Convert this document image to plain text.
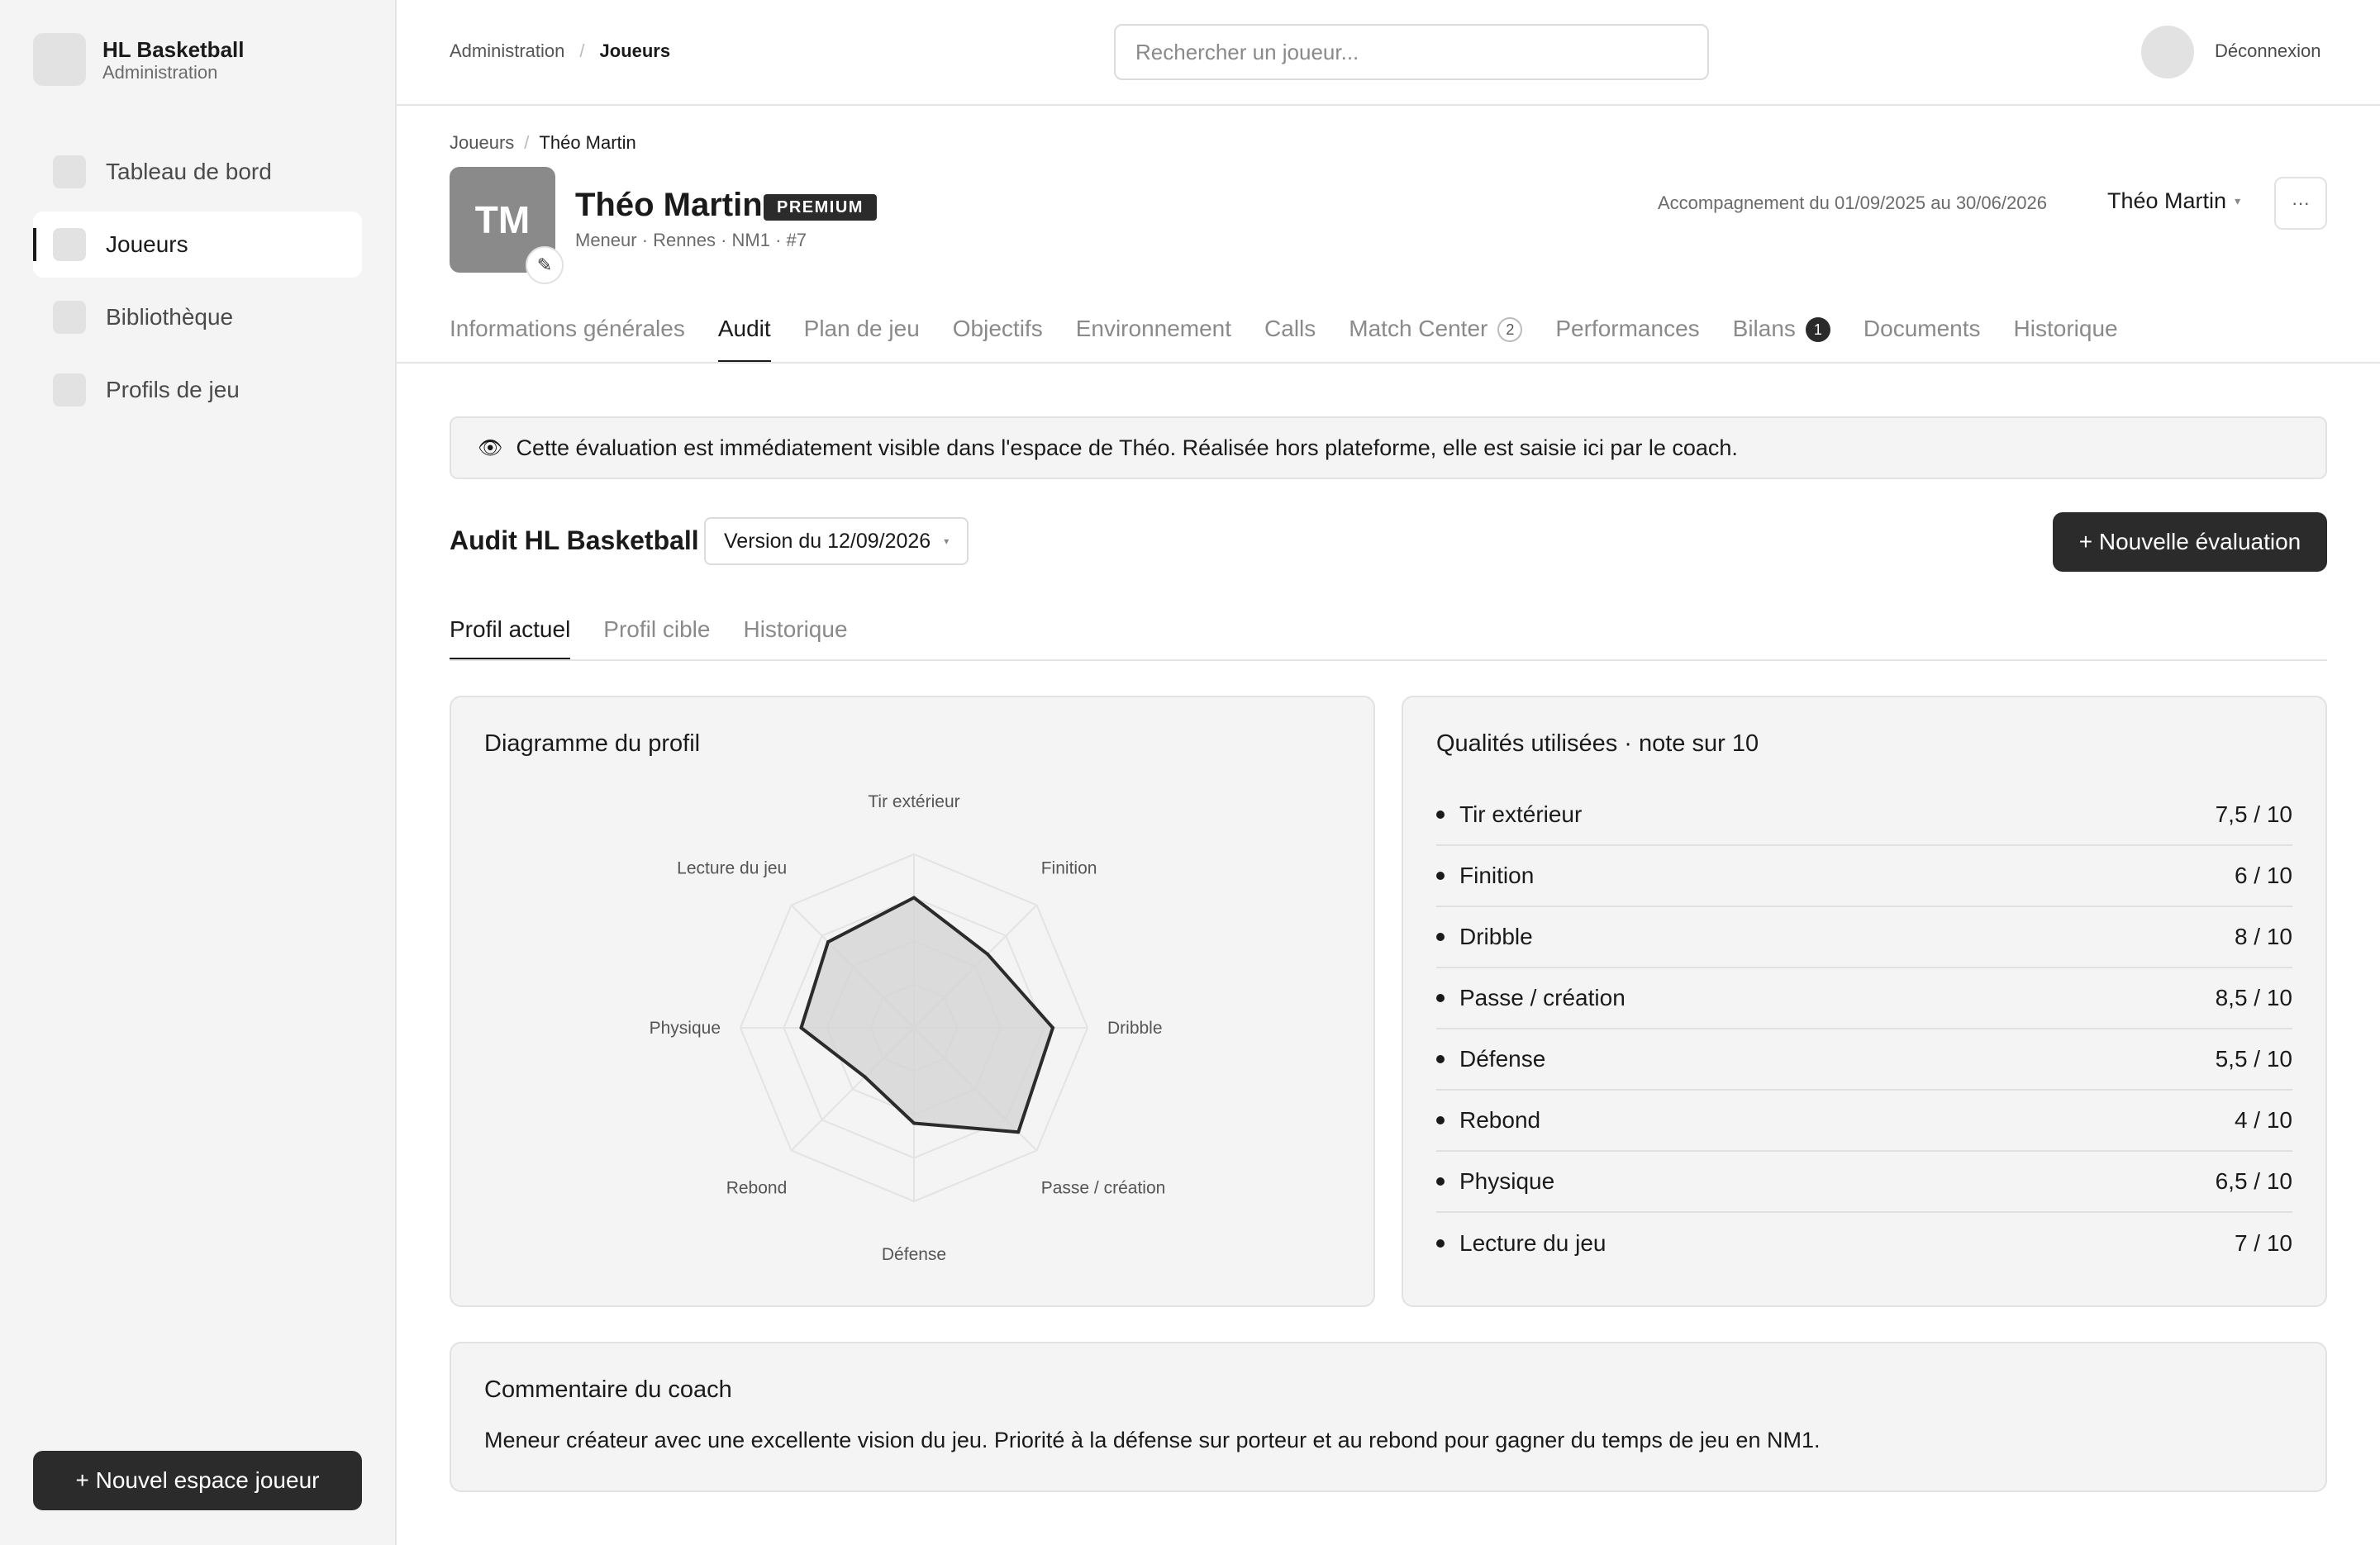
HL Basketball
Administration
Tableau de bord
Joueurs
Bibliothèque
Profils de jeu
+ Nouvel espace joueur
Administration / Joueurs
Rechercher un joueur...	Déconnexion
Joueurs / Théo Martin
TM
✎
Théo Martin PREMIUM
Meneur · Rennes · NM1 · #7
Accompagnement du 01/09/2025 au 30/06/2026	Théo Martin ▾	···
Informations générales Audit Plan de jeu Objectifs Environnement Calls Match Center	2	Performances Bilans	1	Documents Historique
👁 Cette évaluation est immédiatement visible dans l'espace de Théo. Réalisée hors plateforme, elle est saisie ici par le coach.
Audit HL Basketball Version du 12/09/2026 ▾	+ Nouvelle évaluation
Profil actuel Profil cible Historique
Diagramme du profil
Tir extérieur
Finition
Dribble
Passe / création
Défense
Rebond
Physique
Lecture du jeu
Qualités utilisées · note sur 10
Tir extérieur	7,5 / 10
Finition	6 / 10
Dribble	8 / 10
Passe / création	8,5 / 10
Défense	5,5 / 10
Rebond	4 / 10
Physique	6,5 / 10
Lecture du jeu	7 / 10
Commentaire du coach
Meneur créateur avec une excellente vision du jeu. Priorité à la défense sur porteur et au rebond pour gagner du temps de jeu en NM1.
